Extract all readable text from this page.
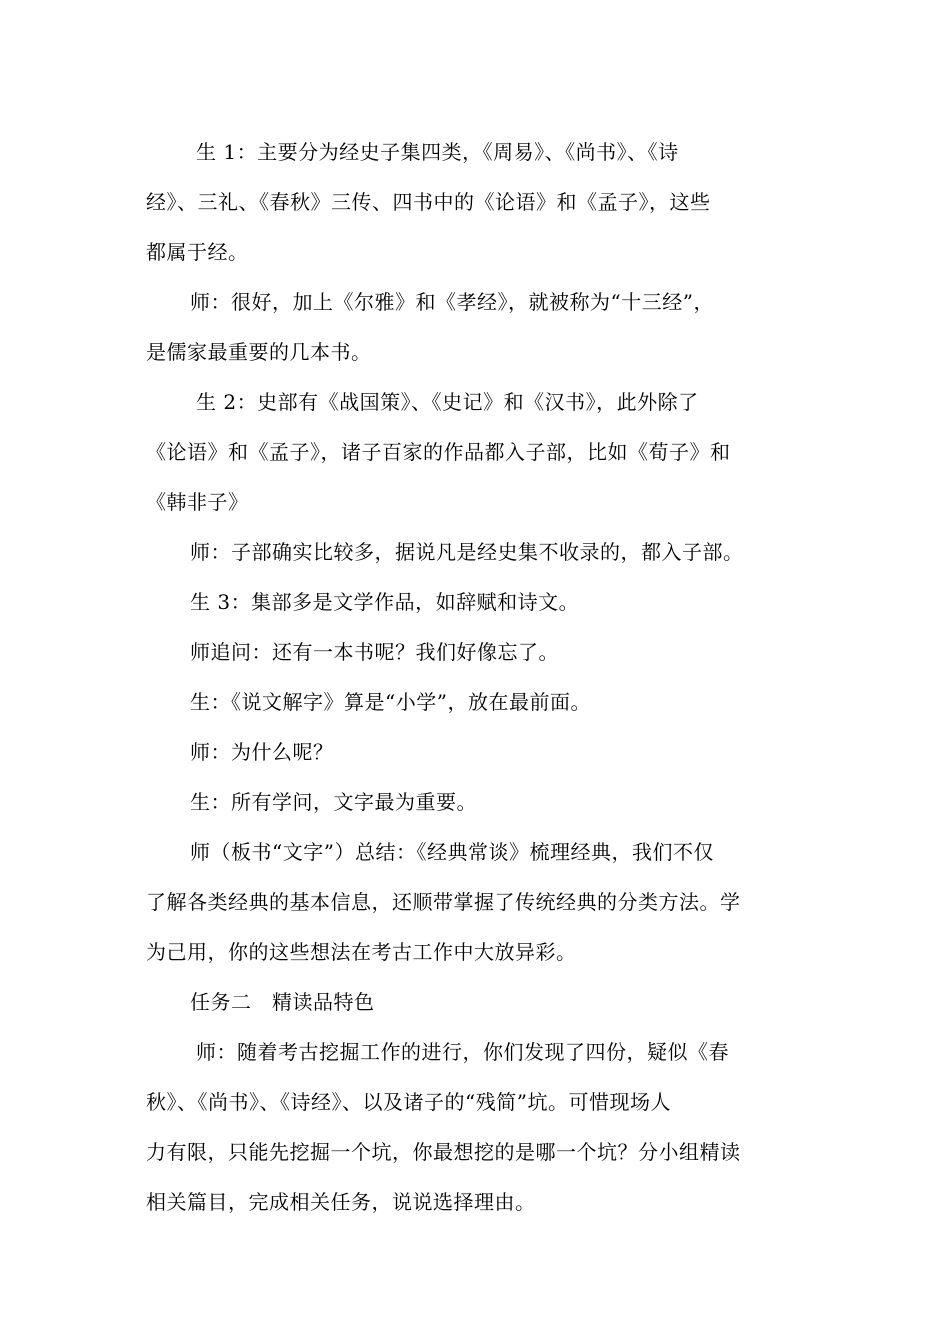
生 1：主要分为经史子集四类，《周易》、《尚书》、《诗
经》、三礼、《春秋》三传、四书中的《论语》和《孟子》，这些
都属于经。
师：很好，加上《尔雅》和《孝经》，就被称为“十三经”，
是儒家最重要的几本书。
生 2：史部有《战国策》、《史记》和《汉书》，此外除了
《论语》和《孟子》，诸子百家的作品都入子部，比如《荀子》和
《韩非子》
师：子部确实比较多，据说凡是经史集不收录的，都入子部。
生 3：集部多是文学作品，如辞赋和诗文。
师追问：还有一本书呢？我们好像忘了。
生：《说文解字》算是“小学”，放在最前面。
师：为什么呢？
生：所有学问，文字最为重要。
师（板书“文字”）总结：《经典常谈》梳理经典，我们不仅
了解各类经典的基本信息，还顺带掌握了传统经典的分类方法。学
为己用，你的这些想法在考古工作中大放异彩。
任务二　精读品特色
师：随着考古挖掘工作的进行，你们发现了四份，疑似《春
秋》、《尚书》、《诗经》、以及诸子的“残简”坑。可惜现场人
力有限，只能先挖掘一个坑，你最想挖的是哪一个坑？分小组精读
相关篇目，完成相关任务，说说选择理由。
